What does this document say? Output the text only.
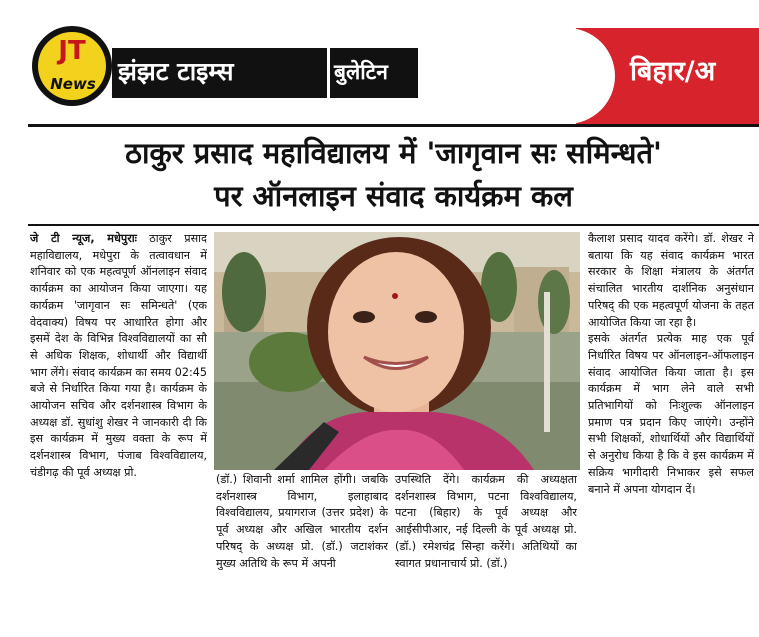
JT
News झंझट टाइम्स	बुलेटिन	बिहार/अ
ठाकुर प्रसाद महाविद्यालय में 'जागृवान सः समिन्धते'
पर ऑनलाइन संवाद कार्यक्रम कल
जे टी न्यूज, मधेपुराः ठाकुर प्रसाद महाविद्यालय, मधेपुरा के तत्वावधान में शनिवार को एक महत्वपूर्ण ऑनलाइन संवाद कार्यक्रम का आयोजन किया जाएगा। यह कार्यक्रम 'जागृवान सः समिन्धते' (एक वेदवाक्य) विषय पर आधारित होगा और इसमें देश के विभिन्न विश्वविद्यालयों का सौ से अधिक शिक्षक, शोधार्थी और विद्यार्थी भाग लेंगे। संवाद कार्यक्रम का समय 02:45 बजे से निर्धारित किया गया है। कार्यक्रम के आयोजन सचिव और दर्शनशास्त्र विभाग के अध्यक्ष डॉ. सुधांशु शेखर ने जानकारी दी कि इस कार्यक्रम में मुख्य वक्ता के रूप में दर्शनशास्त्र विभाग, पंजाब विश्वविद्यालय, चंडीगढ़ की पूर्व अध्यक्ष प्रो.
(डॉ.) शिवानी शर्मा शामिल होंगी। जबकि दर्शनशास्त्र विभाग, इलाहाबाद विश्वविद्यालय, प्रयागराज (उत्तर प्रदेश) के पूर्व अध्यक्ष और अखिल भारतीय दर्शन परिषद् के अध्यक्ष प्रो. (डॉ.) जटाशंकर मुख्य अतिथि के रूप में अपनी
उपस्थिति देंगे। कार्यक्रम की अध्यक्षता दर्शनशास्त्र विभाग, पटना विश्वविद्यालय, पटना (बिहार) के पूर्व अध्यक्ष और आईसीपीआर, नई दिल्ली के पूर्व अध्यक्ष प्रो. (डॉ.) रमेशचंद्र सिन्हा करेंगे। अतिथियों का स्वागत प्रधानाचार्य प्रो. (डॉ.)

कैलाश प्रसाद यादव करेंगे। डॉ. शेखर ने बताया कि यह संवाद कार्यक्रम भारत सरकार के शिक्षा मंत्रालय के अंतर्गत संचालित भारतीय दार्शनिक अनुसंधान परिषद् की एक महत्वपूर्ण योजना के तहत आयोजित किया जा रहा है।

इसके अंतर्गत प्रत्येक माह एक पूर्व निर्धारित विषय पर ऑनलाइन-ऑफलाइन संवाद आयोजित किया जाता है। इस कार्यक्रम में भाग लेने वाले सभी प्रतिभागियों को निःशुल्क ऑनलाइन प्रमाण पत्र प्रदान किए जाएंगे। उन्होंने सभी शिक्षकों, शोधार्थियों और विद्यार्थियों से अनुरोध किया है कि वे इस कार्यक्रम में सक्रिय भागीदारी निभाकर इसे सफल बनाने में अपना योगदान दें।
